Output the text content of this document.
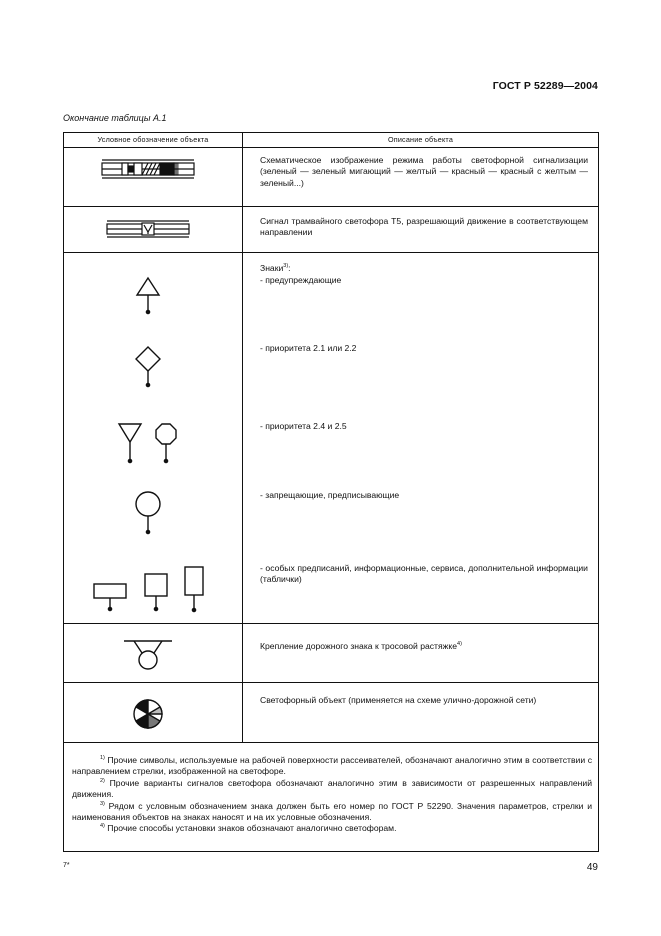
ГОСТ Р 52289—2004
Окончание таблицы А.1
Условное обозначение объекта	Описание объекта
Схематическое изображение режима работы светофорной сигнализации (зеленый — зеленый мигающий — желтый — красный — красный с желтым — зеленый...)
Сигнал трамвайного светофора Т5, разрешающий движение в соответствующем направлении
Знаки$^{3)}$:
- предупреждающие
- приоритета 2.1 или 2.2
- приоритета 2.4 и 2.5
- запрещающие, предписывающие
- особых предписаний, информационные, сервиса, дополнительной информации (таблички)
Крепление дорожного знака к тросовой растяжке$^{4)}$
Светофорный объект (применяется на схеме улично-дорожной сети)

$^{1)}$ Прочие символы, используемые на рабочей поверхности рассеивателей, обозначают аналогично этим в соответствии с направлением стрелки, изображенной на светофоре.

$^{2)}$ Прочие варианты сигналов светофора обозначают аналогично этим в зависимости от разрешенных направлений движения.

$^{3)}$ Рядом с условным обозначением знака должен быть его номер по ГОСТ Р 52290. Значения параметров, стрелки и наименования объектов на знаках наносят и на их условные обозначения.

$^{4)}$ Прочие способы установки знаков обозначают аналогично светофорам.

7*	49
